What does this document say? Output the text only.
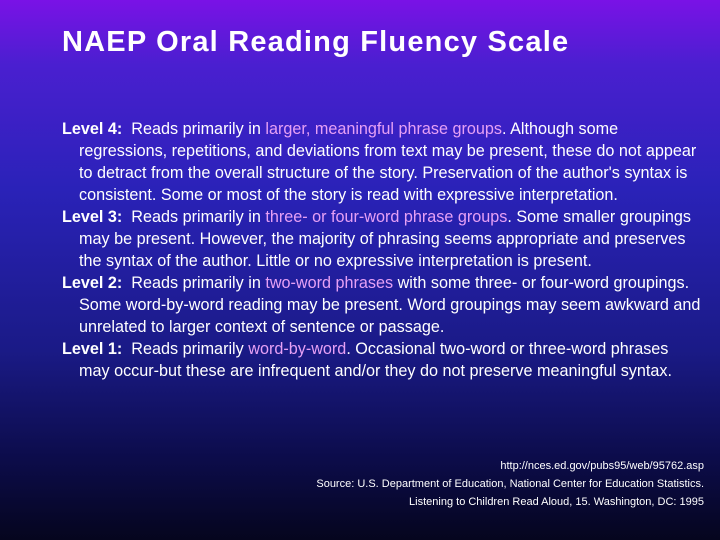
NAEP Oral Reading Fluency Scale

Level 4: Reads primarily in larger, meaningful phrase groups. Although some regressions, repetitions, and deviations from text may be present, these do not appear to detract from the overall structure of the story. Preservation of the author's syntax is consistent. Some or most of the story is read with expressive interpretation.

Level 3: Reads primarily in three- or four-word phrase groups. Some smaller groupings may be present. However, the majority of phrasing seems appropriate and preserves the syntax of the author. Little or no expressive interpretation is present.

Level 2: Reads primarily in two-word phrases with some three- or four-word groupings. Some word-by-word reading may be present. Word groupings may seem awkward and unrelated to larger context of sentence or passage.

Level 1: Reads primarily word-by-word. Occasional two-word or three-word phrases may occur-but these are infrequent and/or they do not preserve meaningful syntax.

http://nces.ed.gov/pubs95/web/95762.asp
Source: U.S. Department of Education, National Center for Education Statistics.
Listening to Children Read Aloud, 15. Washington, DC: 1995
